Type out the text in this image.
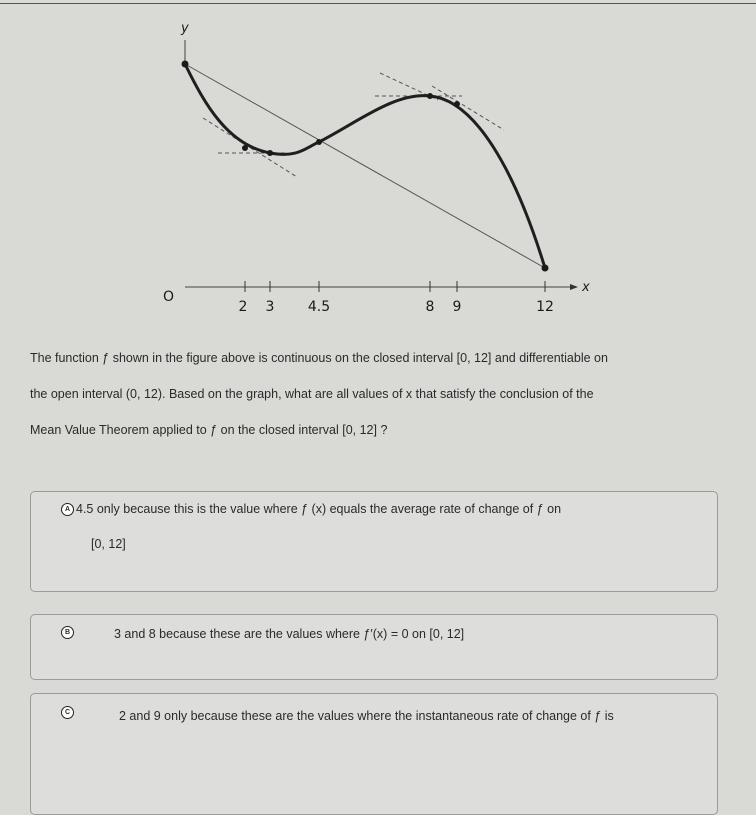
y
x
O
2 3 4.5	8 9	12

The function ƒ shown in the figure above is continuous on the closed interval [0, 12] and differentiable on

the open interval (0, 12). Based on the graph, what are all values of x that satisfy the conclusion of the

Mean Value Theorem applied to ƒ on the closed interval [0, 12] ?

A 4.5 only because this is the value where ƒ (x) equals the average rate of change of ƒ on
[0, 12]
B	3 and 8 because these are the values where ƒ′(x) = 0 on [0, 12]
C	2 and 9 only because these are the values where the instantaneous rate of change of ƒ is
